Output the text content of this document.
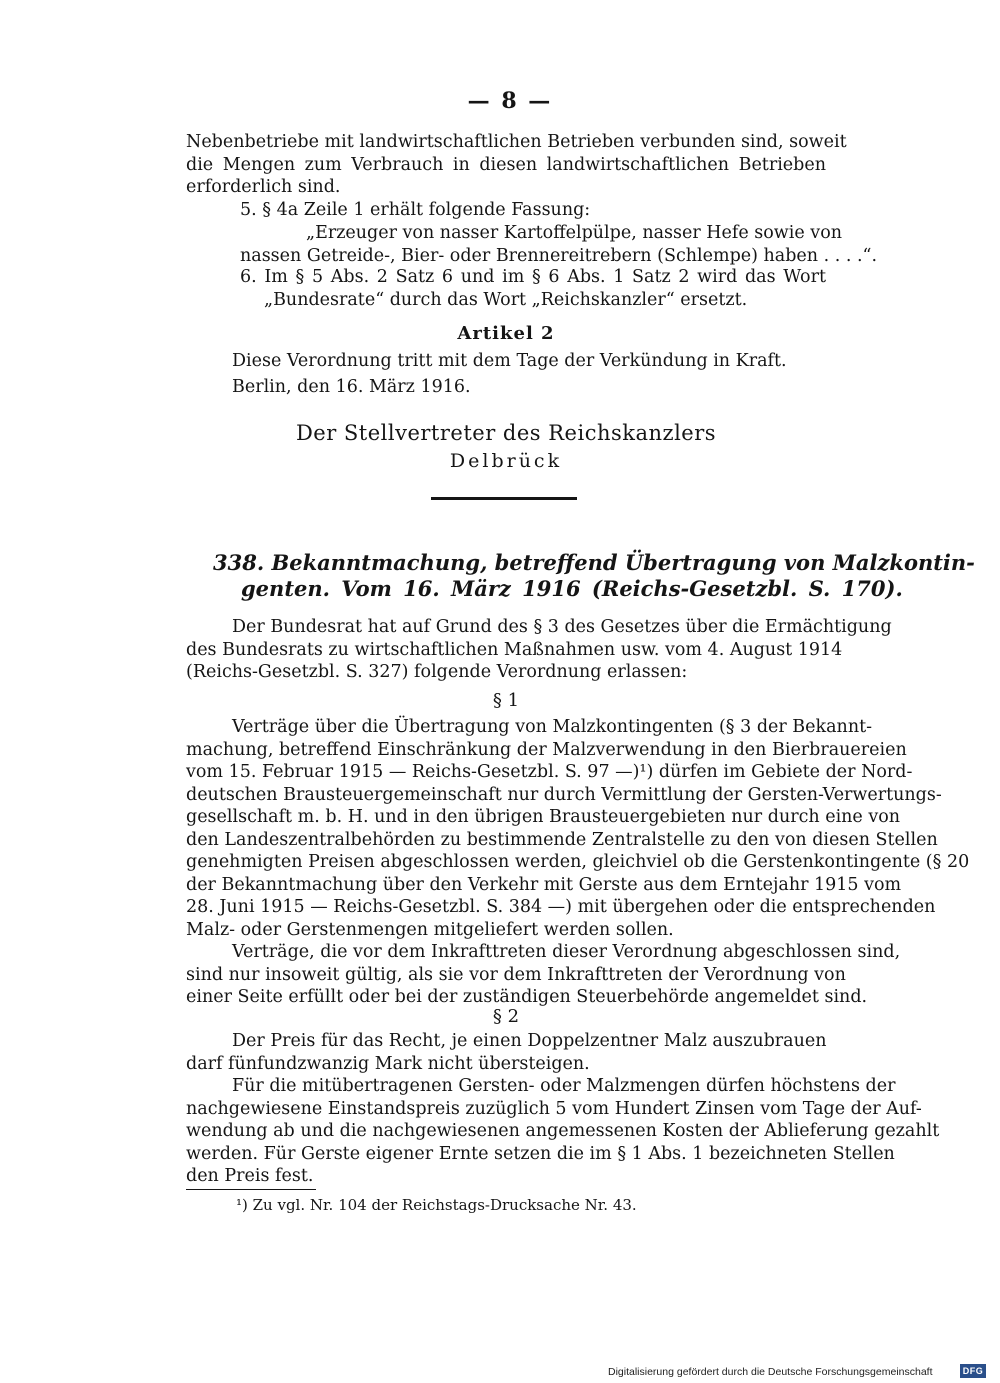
— 8 —
Nebenbetriebe mit landwirtschaftlichen Betrieben verbunden sind, soweit
die Mengen zum Verbrauch in diesen landwirtschaftlichen Betrieben
erforderlich sind.
5. § 4a Zeile 1 erhält folgende Fassung:
„Erzeuger von nasser Kartoffelpülpe, nasser Hefe sowie von
nassen Getreide-, Bier- oder Brennereitrebern (Schlempe) haben . . . .“.
6. Im § 5 Abs. 2 Satz 6 und im § 6 Abs. 1 Satz 2 wird das Wort
„Bundesrate“ durch das Wort „Reichskanzler“ ersetzt.
Artikel 2
Diese Verordnung tritt mit dem Tage der Verkündung in Kraft.
Berlin, den 16. März 1916.
Der Stellvertreter des Reichskanzlers
Delbrück
338. Bekanntmachung, betreffend Übertragung von Malzkontin-
genten. Vom 16. März 1916 (Reichs-Gesetzbl. S. 170).
Der Bundesrat hat auf Grund des § 3 des Gesetzes über die Ermächtigung
des Bundesrats zu wirtschaftlichen Maßnahmen usw. vom 4. August 1914
(Reichs-Gesetzbl. S. 327) folgende Verordnung erlassen:
§ 1
Verträge über die Übertragung von Malzkontingenten (§ 3 der Bekannt-
machung, betreffend Einschränkung der Malzverwendung in den Bierbrauereien
vom 15. Februar 1915 — Reichs-Gesetzbl. S. 97 —)¹) dürfen im Gebiete der Nord-
deutschen Brausteuergemeinschaft nur durch Vermittlung der Gersten-Verwertungs-
gesellschaft m. b. H. und in den übrigen Brausteuergebieten nur durch eine von
den Landeszentralbehörden zu bestimmende Zentralstelle zu den von diesen Stellen
genehmigten Preisen abgeschlossen werden, gleichviel ob die Gerstenkontingente (§ 20
der Bekanntmachung über den Verkehr mit Gerste aus dem Erntejahr 1915 vom
28. Juni 1915 — Reichs-Gesetzbl. S. 384 —) mit übergehen oder die entsprechenden
Malz- oder Gerstenmengen mitgeliefert werden sollen.
Verträge, die vor dem Inkrafttreten dieser Verordnung abgeschlossen sind,
sind nur insoweit gültig, als sie vor dem Inkrafttreten der Verordnung von
einer Seite erfüllt oder bei der zuständigen Steuerbehörde angemeldet sind.
§ 2
Der Preis für das Recht, je einen Doppelzentner Malz auszubrauen
darf fünfundzwanzig Mark nicht übersteigen.
Für die mitübertragenen Gersten- oder Malzmengen dürfen höchstens der
nachgewiesene Einstandspreis zuzüglich 5 vom Hundert Zinsen vom Tage der Auf-
wendung ab und die nachgewiesenen angemessenen Kosten der Ablieferung gezahlt
werden. Für Gerste eigener Ernte setzen die im § 1 Abs. 1 bezeichneten Stellen
den Preis fest.
¹) Zu vgl. Nr. 104 der Reichstags-Drucksache Nr. 43.
Digitalisierung gefördert durch die Deutsche Forschungsgemeinschaft	DFG
